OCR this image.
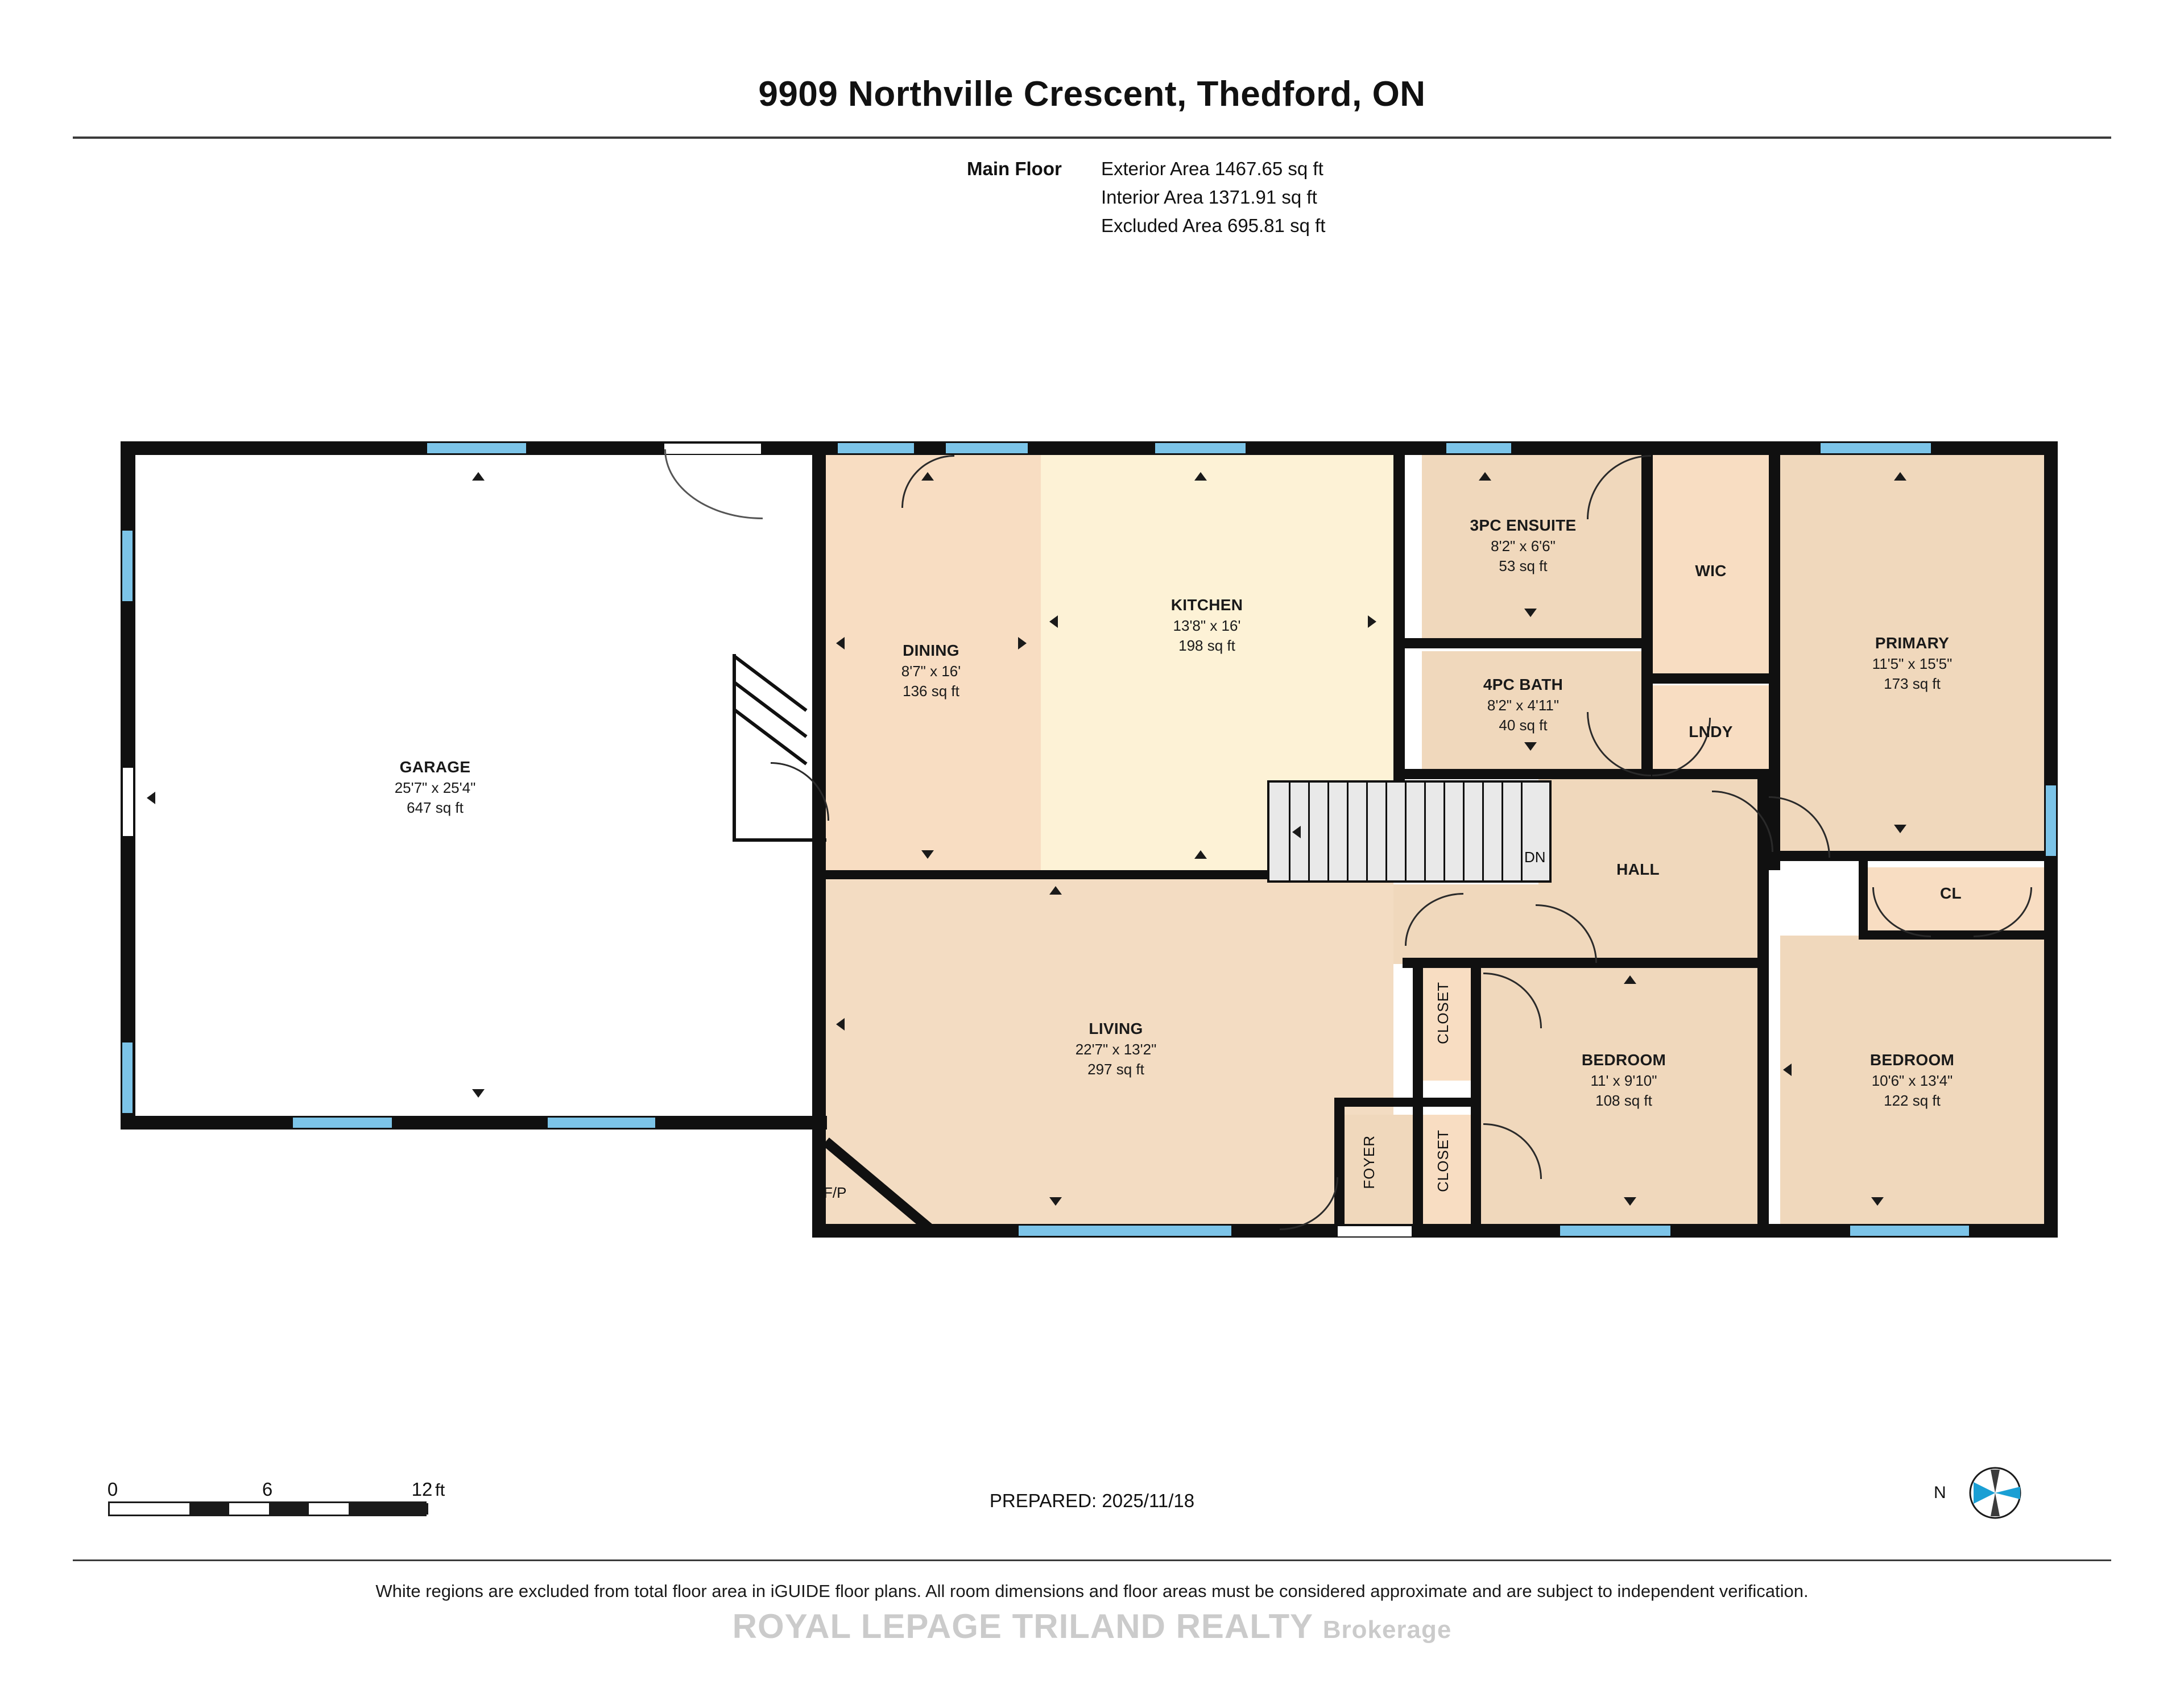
9909 Northville Crescent, Thedford, ON
Main Floor	Exterior Area 1467.65 sq ft
Interior Area 1371.91 sq ft
Excluded Area 695.81 sq ft
DN
GARAGE
25'7" x 25'4"
647 sq ft
DINING
8'7" x 16'
136 sq ft
KITCHEN
13'8" x 16'
198 sq ft
3PC ENSUITE
8'2" x 6'6"
53 sq ft
4PC BATH
8'2" x 4'11"
40 sq ft
WIC
LNDY
PRIMARY
11'5" x 15'5"
173 sq ft
HALL
CL
LIVING
22'7" x 13'2"
297 sq ft
BEDROOM
11' x 9'10"
108 sq ft
BEDROOM
10'6" x 13'4"
122 sq ft
CLOSET
CLOSET
FOYER
F/P
0	6	12 ft
PREPARED: 2025/11/18	N
White regions are excluded from total floor area in iGUIDE floor plans. All room dimensions and floor areas must be considered approximate and are subject to independent verification.
ROYAL LEPAGE TRILAND REALTY Brokerage
